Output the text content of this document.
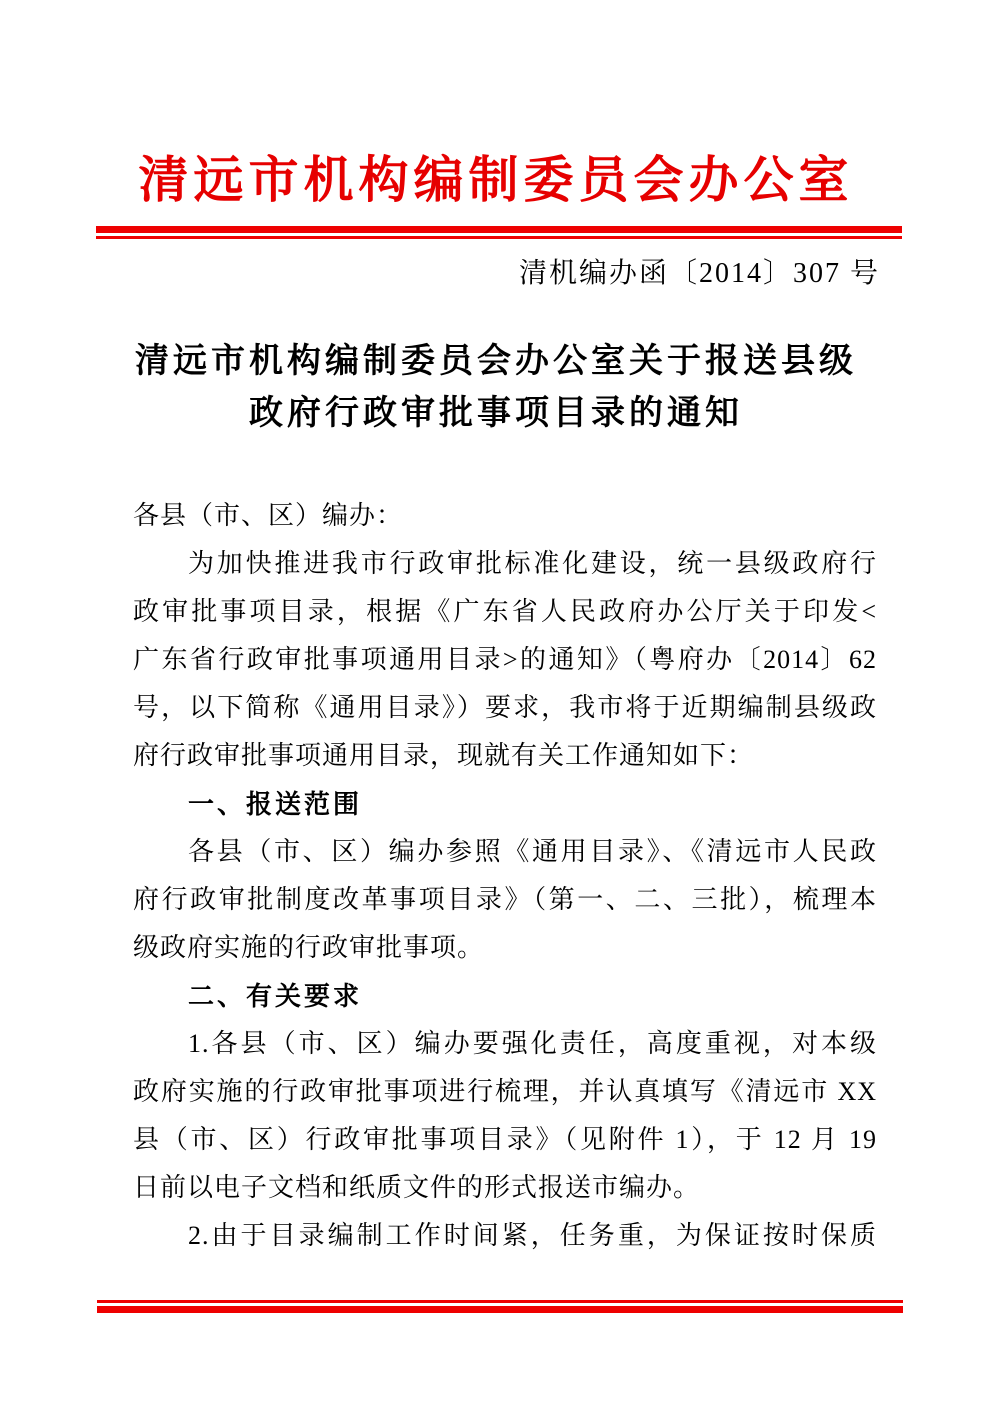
清远市机构编制委员会办公室
清机编办函〔2014〕307 号
清远市机构编制委员会办公室关于报送县级
政府行政审批事项目录的通知
各县（市、区）编办：
为加快推进我市行政审批标准化建设，统一县级政府行
政审批事项目录，根据《广东省人民政府办公厅关于印发<
广东省行政审批事项通用目录>的通知》（粤府办〔2014〕62
号，以下简称《通用目录》）要求，我市将于近期编制县级政
府行政审批事项通用目录，现就有关工作通知如下：
一、报送范围
各县（市、区）编办参照《通用目录》、《清远市人民政
府行政审批制度改革事项目录》（第一、二、三批），梳理本
级政府实施的行政审批事项。
二、有关要求
1.各县（市、区）编办要强化责任，高度重视，对本级
政府实施的行政审批事项进行梳理，并认真填写《清远市 XX
县（市、区）行政审批事项目录》（见附件 1），于 12 月 19
日前以电子文档和纸质文件的形式报送市编办。
2.由于目录编制工作时间紧，任务重，为保证按时保质
